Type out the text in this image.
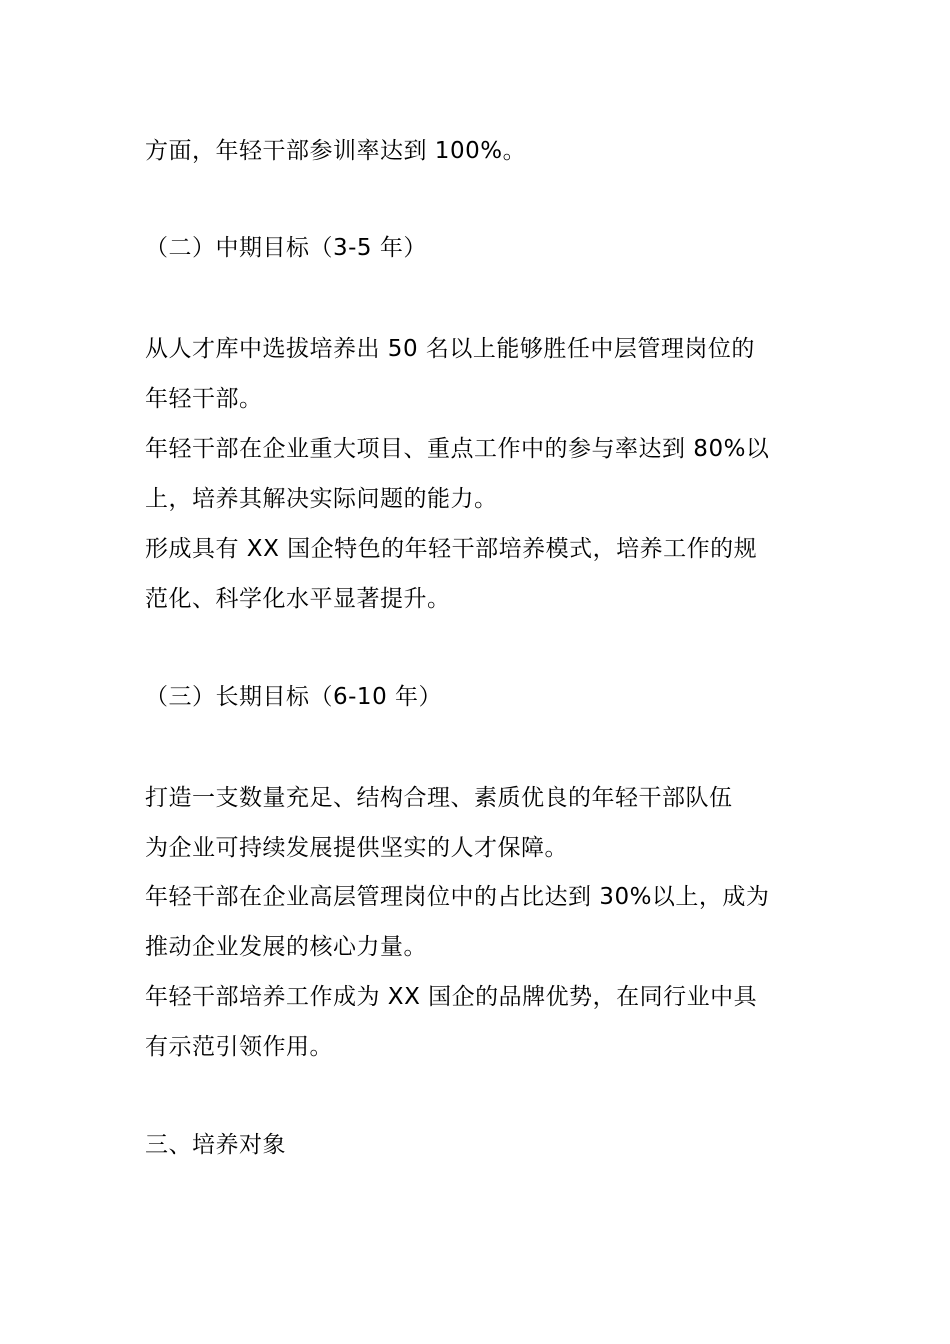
方面，年轻干部参训率达到 100%。
（二）中期目标（3-5 年）
从人才库中选拔培养出 50 名以上能够胜任中层管理岗位的
年轻干部。
年轻干部在企业重大项目、重点工作中的参与率达到 80%以
上，培养其解决实际问题的能力。
形成具有 XX 国企特色的年轻干部培养模式，培养工作的规
范化、科学化水平显著提升。
（三）长期目标（6-10 年）
打造一支数量充足、结构合理、素质优良的年轻干部队伍
为企业可持续发展提供坚实的人才保障。
年轻干部在企业高层管理岗位中的占比达到 30%以上，成为
推动企业发展的核心力量。
年轻干部培养工作成为 XX 国企的品牌优势，在同行业中具
有示范引领作用。
三、培养对象
